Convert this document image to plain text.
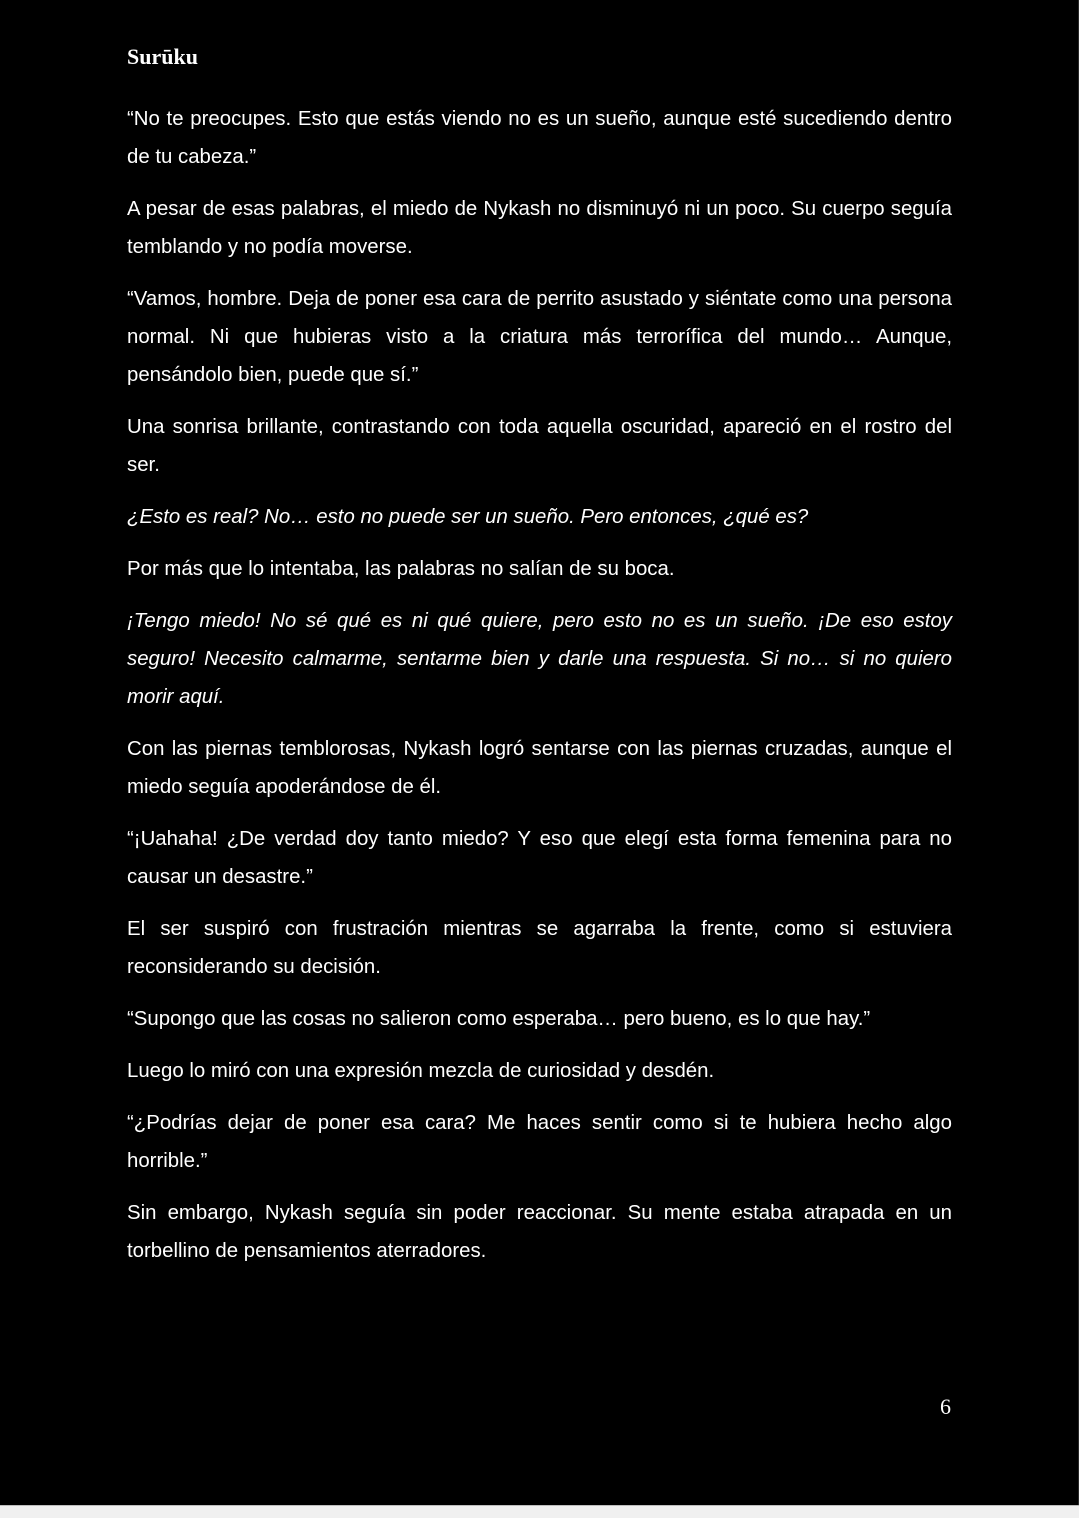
Surūku

“No te preocupes. Esto que estás viendo no es un sueño, aunque esté sucediendo dentro de tu cabeza.”

A pesar de esas palabras, el miedo de Nykash no disminuyó ni un poco. Su cuerpo seguía temblando y no podía moverse.

“Vamos, hombre. Deja de poner esa cara de perrito asustado y siéntate como una persona normal. Ni que hubieras visto a la criatura más terrorífica del mundo… Aunque, pensándolo bien, puede que sí.”

Una sonrisa brillante, contrastando con toda aquella oscuridad, apareció en el rostro del ser.

¿Esto es real? No… esto no puede ser un sueño. Pero entonces, ¿qué es?

Por más que lo intentaba, las palabras no salían de su boca.

¡Tengo miedo! No sé qué es ni qué quiere, pero esto no es un sueño. ¡De eso estoy seguro! Necesito calmarme, sentarme bien y darle una respuesta. Si no… si no quiero morir aquí.

Con las piernas temblorosas, Nykash logró sentarse con las piernas cruzadas, aunque el miedo seguía apoderándose de él.

“¡Uahaha! ¿De verdad doy tanto miedo? Y eso que elegí esta forma femenina para no causar un desastre.”

El ser suspiró con frustración mientras se agarraba la frente, como si estuviera reconsiderando su decisión.

“Supongo que las cosas no salieron como esperaba… pero bueno, es lo que hay.”

Luego lo miró con una expresión mezcla de curiosidad y desdén.

“¿Podrías dejar de poner esa cara? Me haces sentir como si te hubiera hecho algo horrible.”

Sin embargo, Nykash seguía sin poder reaccionar. Su mente estaba atrapada en un torbellino de pensamientos aterradores.

6
